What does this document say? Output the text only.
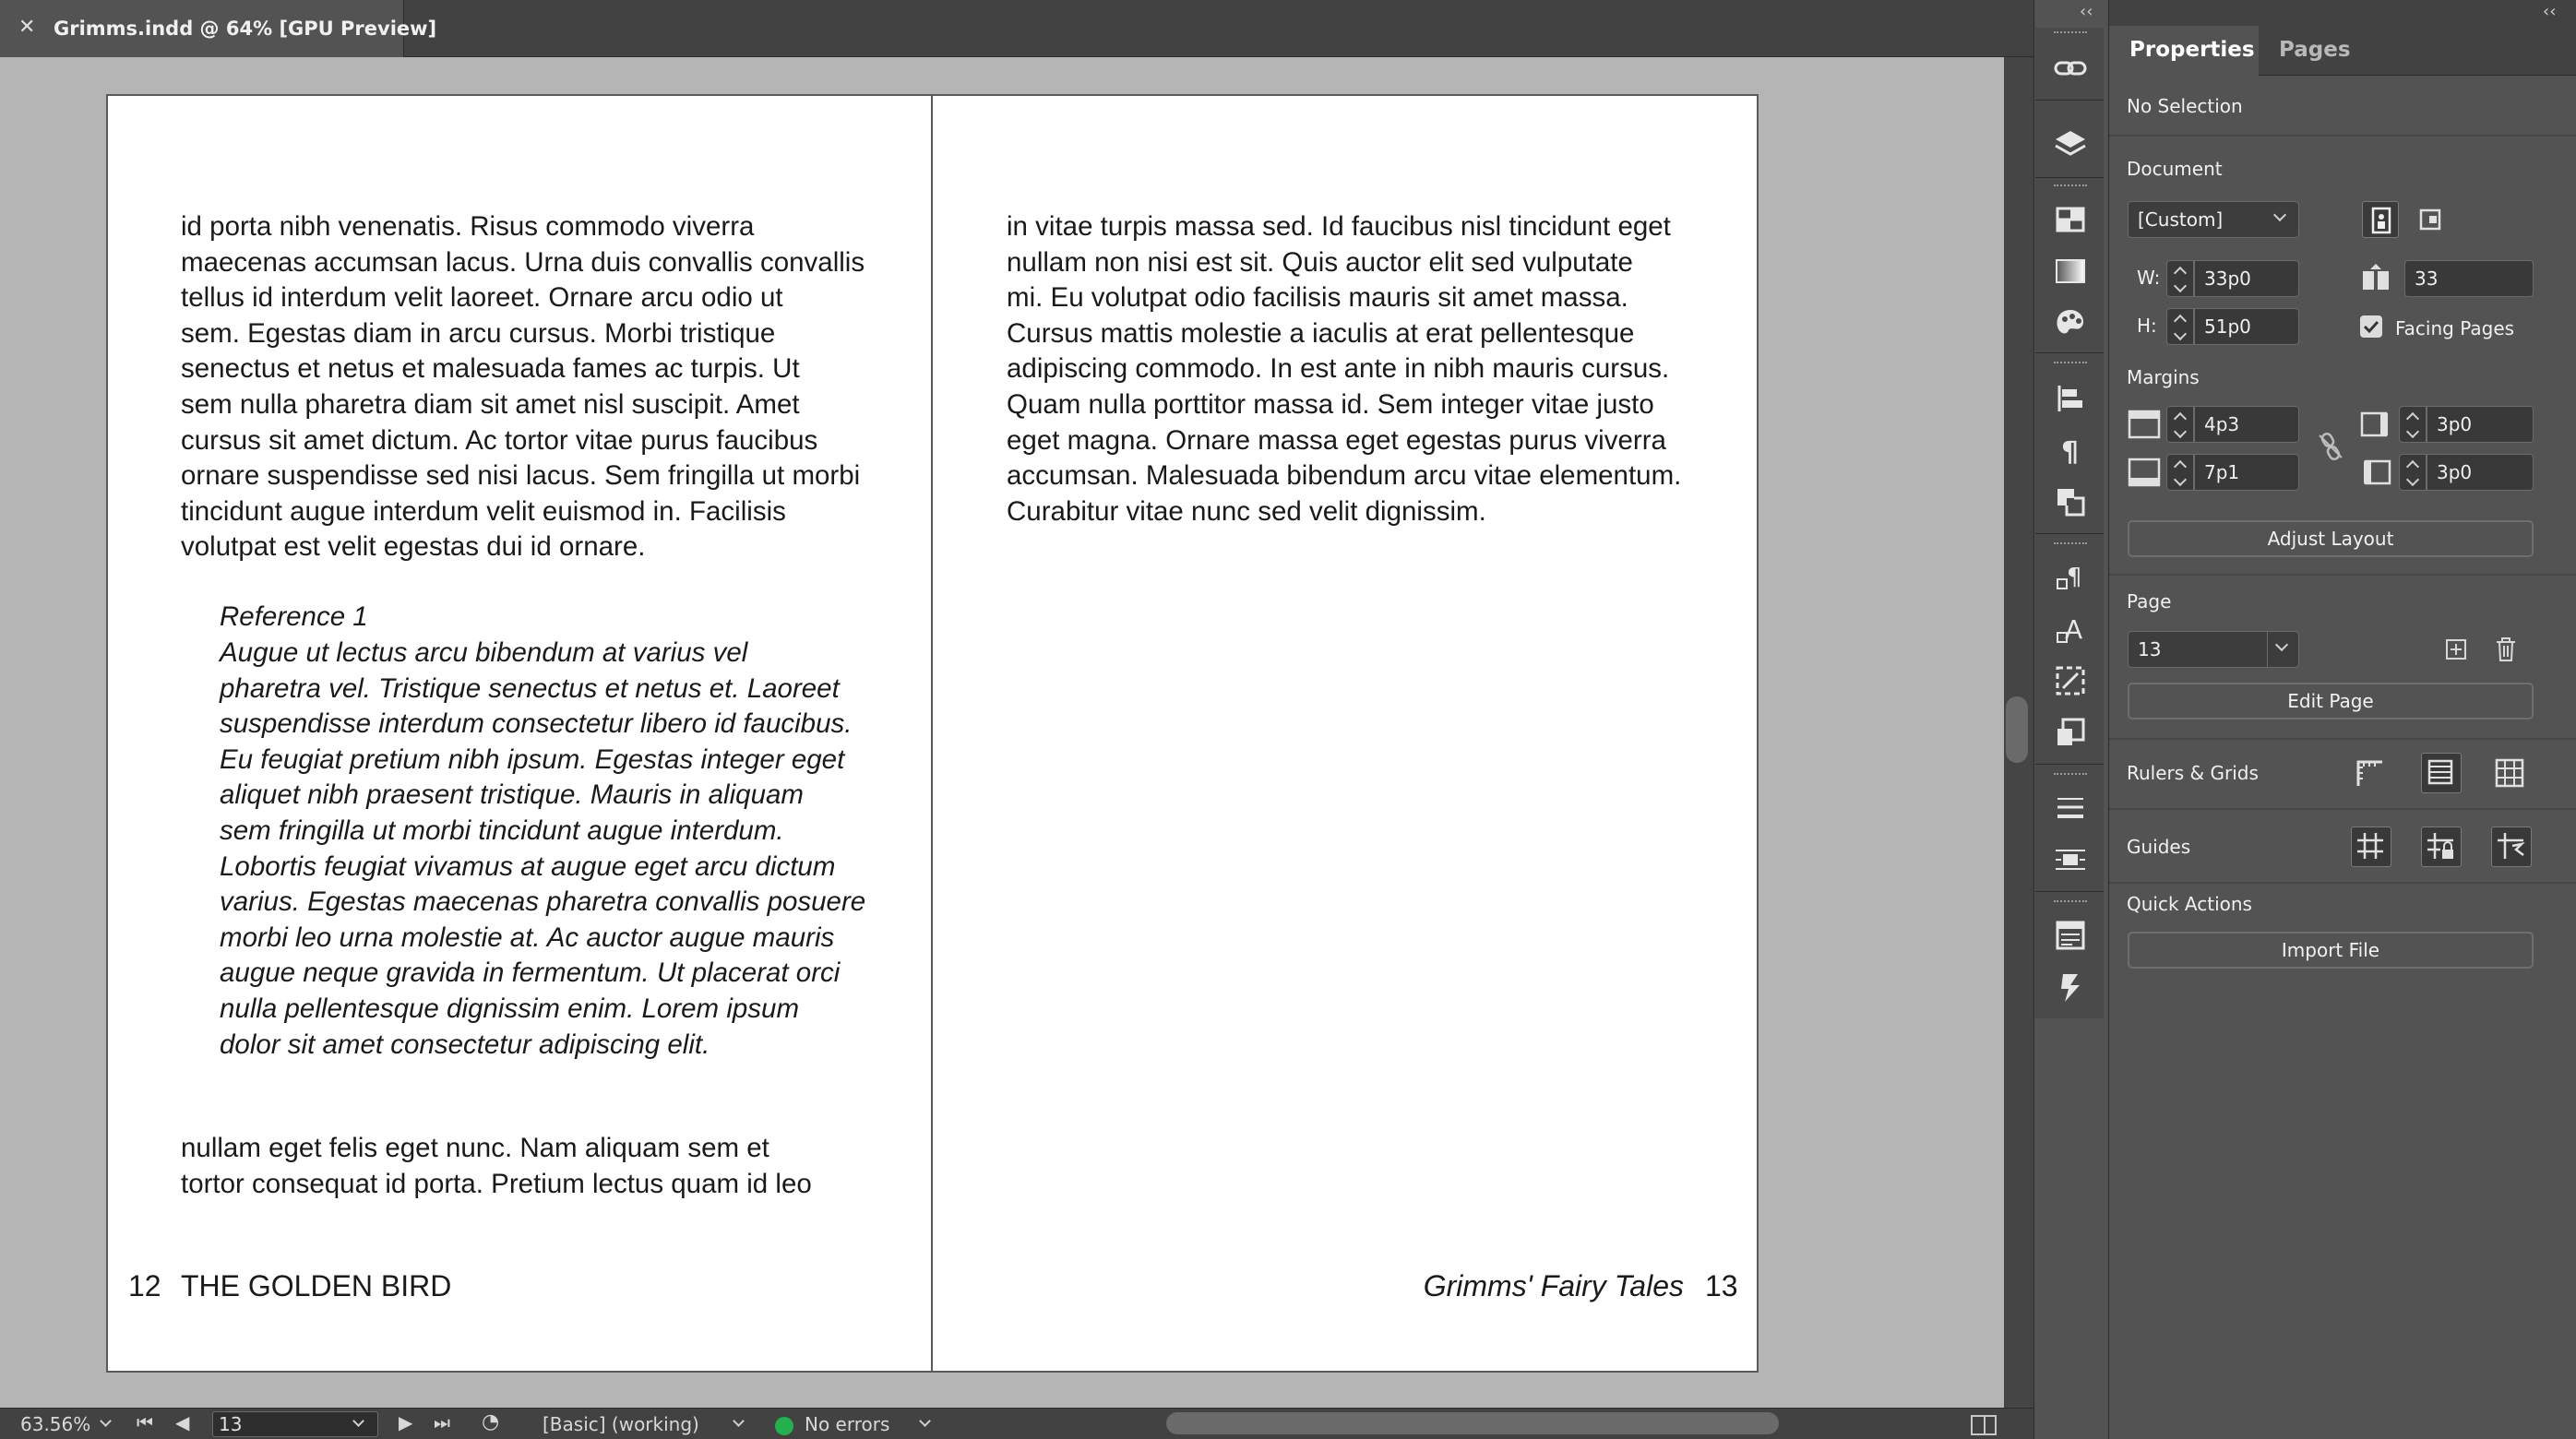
✕ Grimms.indd @ 64% [GPU Preview]
id porta nibh venenatis. Risus commodo viverra
maecenas accumsan lacus. Urna duis convallis convallis
tellus id interdum velit laoreet. Ornare arcu odio ut
sem. Egestas diam in arcu cursus. Morbi tristique
senectus et netus et malesuada fames ac turpis. Ut
sem nulla pharetra diam sit amet nisl suscipit. Amet
cursus sit amet dictum. Ac tortor vitae purus faucibus
ornare suspendisse sed nisi lacus. Sem fringilla ut morbi
tincidunt augue interdum velit euismod in. Facilisis
volutpat est velit egestas dui id ornare.
Reference 1
Augue ut lectus arcu bibendum at varius vel
pharetra vel. Tristique senectus et netus et. Laoreet
suspendisse interdum consectetur libero id faucibus.
Eu feugiat pretium nibh ipsum. Egestas integer eget
aliquet nibh praesent tristique. Mauris in aliquam
sem fringilla ut morbi tincidunt augue interdum.
Lobortis feugiat vivamus at augue eget arcu dictum
varius. Egestas maecenas pharetra convallis posuere
morbi leo urna molestie at. Ac auctor augue mauris
augue neque gravida in fermentum. Ut placerat orci
nulla pellentesque dignissim enim. Lorem ipsum
dolor sit amet consectetur adipiscing elit.
nullam eget felis eget nunc. Nam aliquam sem et
tortor consequat id porta. Pretium lectus quam id leo
12 THE GOLDEN BIRD
in vitae turpis massa sed. Id faucibus nisl tincidunt eget
nullam non nisi est sit. Quis auctor elit sed vulputate
mi. Eu volutpat odio facilisis mauris sit amet massa.
Cursus mattis molestie a iaculis at erat pellentesque
adipiscing commodo. In est ante in nibh mauris cursus.
Quam nulla porttitor massa id. Sem integer vitae justo
eget magna. Ornare massa eget egestas purus viverra
accumsan. Malesuada bibendum arcu vitae elementum.
Curabitur vitae nunc sed velit dignissim.
Grimms' Fairy Tales 13
63.56% ⏮ ◀	13	▶ ⏭ ◔ [Basic] (working)	No errors
‹‹
¶
¶
A
‹‹
Properties Pages
No Selection
Document
[Custom]
W:	33p0
H:	51p0
33
Facing Pages
Margins
4p3
7p1
3p0
3p0
Adjust Layout
Page
13
Edit Page
Rulers & Grids
Guides
Quick Actions
Import File
